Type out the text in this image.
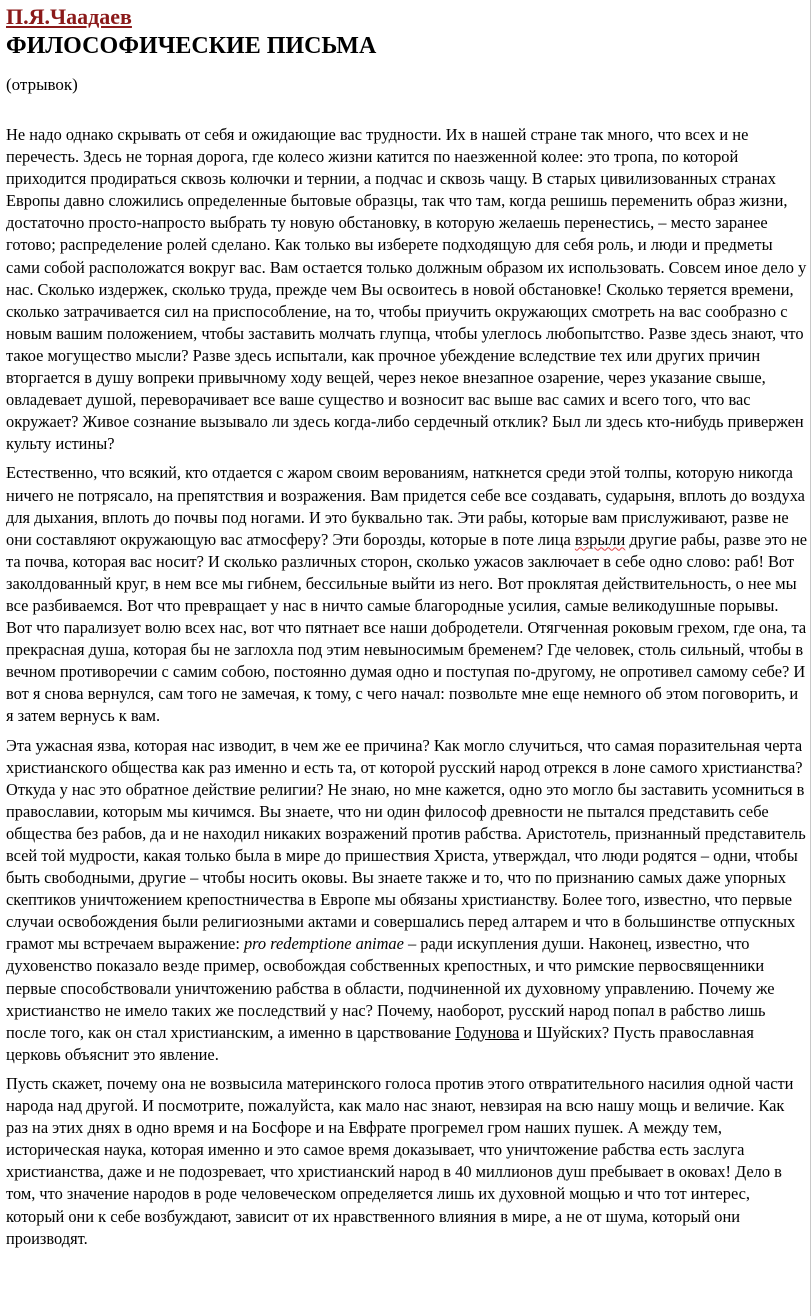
П.Я.Чаадаев
ФИЛОСОФИЧЕСКИЕ ПИСЬМА
(отрывок)

Не надо однако скрывать от себя и ожидающие вас трудности. Их в нашей стране так много, что всех и не перечесть. Здесь не торная дорога, где колесо жизни катится по наезженной колее: это тропа, по которой приходится продираться сквозь колючки и тернии, а подчас и сквозь чащу. В старых цивилизованных странах Европы давно сложились определенные бытовые образцы, так что там, когда решишь переменить образ жизни, достаточно просто-напросто выбрать ту новую обстановку, в которую желаешь перенестись, – место заранее готово; распределение ролей сделано. Как только вы изберете подходящую для себя роль, и люди и предметы сами собой расположатся вокруг вас. Вам остается только должным образом их использовать. Совсем иное дело у нас. Сколько издержек, сколько труда, прежде чем Вы освоитесь в новой обстановке! Сколько теряется времени, сколько затрачивается сил на приспособление, на то, чтобы приучить окружающих смотреть на вас сообразно с новым вашим положением, чтобы заставить молчать глупца, чтобы улеглось любопытство. Разве здесь знают, что такое могущество мысли? Разве здесь испытали, как прочное убеждение вследствие тех или других причин вторгается в душу вопреки привычному ходу вещей, через некое внезапное озарение, через указание свыше, овладевает душой, переворачивает все ваше существо и возносит вас выше вас самих и всего того, что вас окружает? Живое сознание вызывало ли здесь когда-либо сердечный отклик? Был ли здесь кто-нибудь привержен культу истины?

Естественно, что всякий, кто отдается с жаром своим верованиям, наткнется среди этой толпы, которую никогда ничего не потрясало, на препятствия и возражения. Вам придется себе все создавать, сударыня, вплоть до воздуха для дыхания, вплоть до почвы под ногами. И это буквально так. Эти рабы, которые вам прислуживают, разве не они составляют окружающую вас атмосферу? Эти борозды, которые в поте лица взрыли другие рабы, разве это не та почва, которая вас носит? И сколько различных сторон, сколько ужасов заключает в себе одно слово: раб! Вот заколдованный круг, в нем все мы гибнем, бессильные выйти из него. Вот проклятая действительность, о нее мы все разбиваемся. Вот что превращает у нас в ничто самые благородные усилия, самые великодушные порывы. Вот что парализует волю всех нас, вот что пятнает все наши добродетели. Отягченная роковым грехом, где она, та прекрасная душа, которая бы не заглохла под этим невыносимым бременем? Где человек, столь сильный, чтобы в вечном противоречии с самим собою, постоянно думая одно и поступая по-другому, не опротивел самому себе? И вот я снова вернулся, сам того не замечая, к тому, с чего начал: позвольте мне еще немного об этом поговорить, и я затем вернусь к вам.

Эта ужасная язва, которая нас изводит, в чем же ее причина? Как могло случиться, что самая поразительная черта христианского общества как раз именно и есть та, от которой русский народ отрекся в лоне самого христианства? Откуда у нас это обратное действие религии? Не знаю, но мне кажется, одно это могло бы заставить усомниться в православии, которым мы кичимся. Вы знаете, что ни один философ древности не пытался представить себе общества без рабов, да и не находил никаких возражений против рабства. Аристотель, признанный представитель всей той мудрости, какая только была в мире до пришествия Христа, утверждал, что люди родятся – одни, чтобы быть свободными, другие – чтобы носить оковы. Вы знаете также и то, что по признанию самых даже упорных скептиков уничтожением крепостничества в Европе мы обязаны христианству. Более того, известно, что первые случаи освобождения были религиозными актами и совершались перед алтарем и что в большинстве отпускных грамот мы встречаем выражение: pro redemptione animae – ради искупления души. Наконец, известно, что духовенство показало везде пример, освобождая собственных крепостных, и что римские первосвященники первые способствовали уничтожению рабства в области, подчиненной их духовному управлению. Почему же христианство не имело таких же последствий у нас? Почему, наоборот, русский народ попал в рабство лишь после того, как он стал христианским, а именно в царствование Годунова и Шуйских? Пусть православная церковь объяснит это явление.

Пусть скажет, почему она не возвысила материнского голоса против этого отвратительного насилия одной части народа над другой. И посмотрите, пожалуйста, как мало нас знают, невзирая на всю нашу мощь и величие. Как раз на этих днях в одно время и на Босфоре и на Евфрате прогремел гром наших пушек. А между тем, историческая наука, которая именно и это самое время доказывает, что уничтожение рабства есть заслуга христианства, даже и не подозревает, что христианский народ в 40 миллионов душ пребывает в оковах! Дело в том, что значение народов в роде человеческом определяется лишь их духовной мощью и что тот интерес, который они к себе возбуждают, зависит от их нравственного влияния в мире, а не от шума, который они производят.
